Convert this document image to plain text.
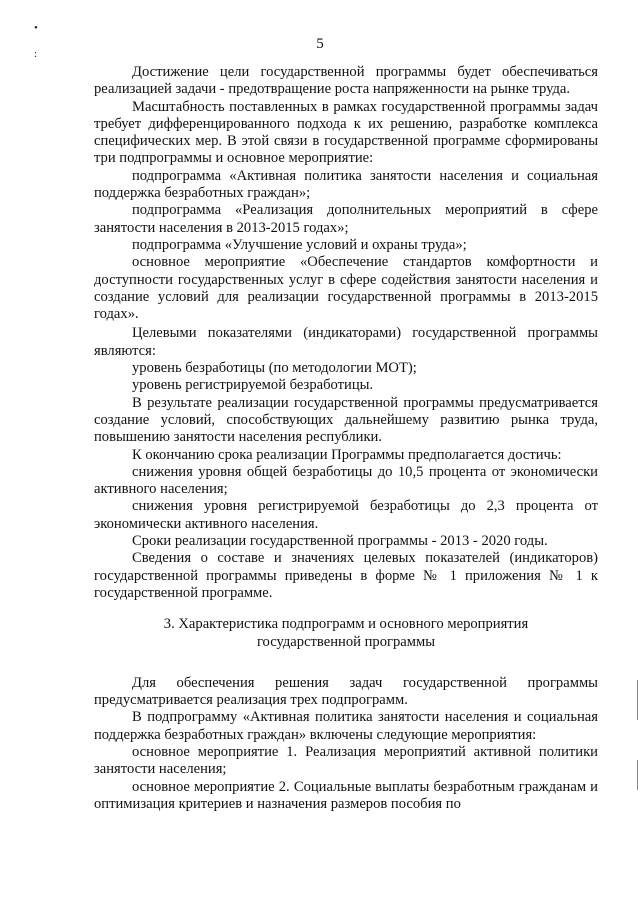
•
:
5

Достижение цели государственной программы будет обеспечиваться реализацией задачи - предотвращение роста напряженности на рынке труда.

Масштабность поставленных в рамках государственной программы задач требует дифференцированного подхода к их решению, разработке комплекса специфических мер. В этой связи в государственной программе сформированы три подпрограммы и основное мероприятие:

подпрограмма «Активная политика занятости населения и социальная поддержка безработных граждан»;

подпрограмма «Реализация дополнительных мероприятий в сфере занятости населения в 2013-2015 годах»;

подпрограмма «Улучшение условий и охраны труда»;

основное мероприятие «Обеспечение стандартов комфортности и доступности государственных услуг в сфере содействия занятости населения и создание условий для реализации государственной программы в 2013-2015 годах».

Целевыми показателями (индикаторами) государственной программы являются:

уровень безработицы (по методологии МОТ);

уровень регистрируемой безработицы.

В результате реализации государственной программы предусматривается создание условий, способствующих дальнейшему развитию рынка труда, повышению занятости населения республики.

К окончанию срока реализации Программы предполагается достичь:

снижения уровня общей безработицы до 10,5 процента от экономически активного населения;

снижения уровня регистрируемой безработицы до 2,3 процента от экономически активного населения.

Сроки реализации государственной программы - 2013 - 2020 годы.

Сведения о составе и значениях целевых показателей (индикаторов) государственной программы приведены в форме № 1 приложения № 1 к государственной программе.

3. Характеристика подпрограмм и основного мероприятия
государственной программы

Для обеспечения решения задач государственной программы предусматривается реализация трех подпрограмм.

В подпрограмму «Активная политика занятости населения и социальная поддержка безработных граждан» включены следующие мероприятия:

основное мероприятие 1. Реализация мероприятий активной политики занятости населения;

основное мероприятие 2. Социальные выплаты безработным гражданам и оптимизация критериев и назначения размеров пособия по
